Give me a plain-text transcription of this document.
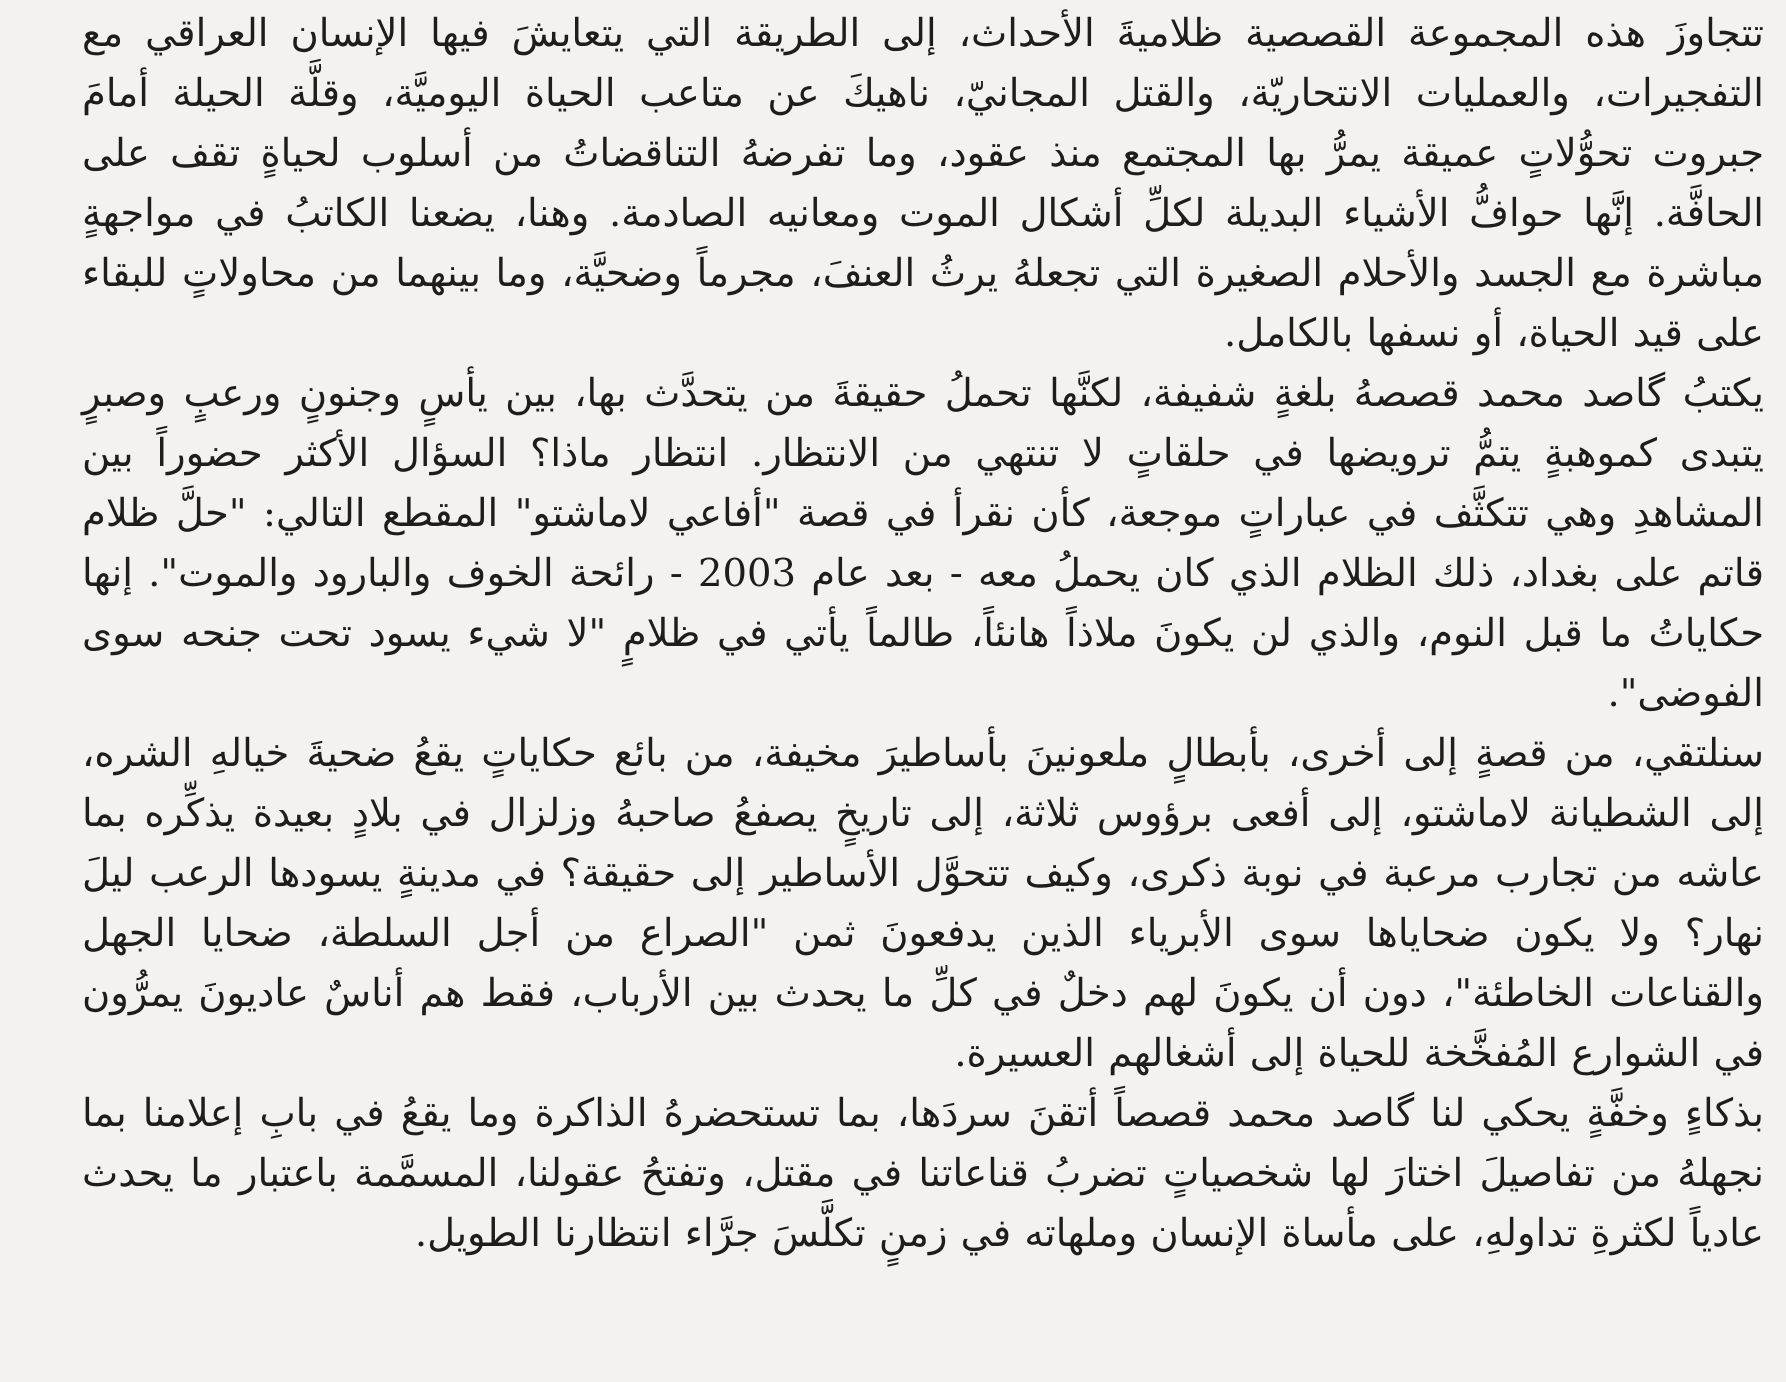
تتجاوزَ هذه المجموعة القصصية ظلاميةَ الأحداث، إلى الطريقة التي يتعايشَ فيها الإنسان العراقي مع التفجيرات، والعمليات الانتحاريّة، والقتل المجانيّ، ناهيكَ عن متاعب الحياة اليوميَّة، وقلَّة الحيلة أمامَ جبروت تحوُّلاتٍ عميقة يمرُّ بها المجتمع منذ عقود، وما تفرضهُ التناقضاتُ من أسلوب لحياةٍ تقف على الحافَّة. إنَّها حوافُّ الأشياء البديلة لكلِّ أشكال الموت ومعانيه الصادمة. وهنا، يضعنا الكاتبُ في مواجهةٍ مباشرة مع الجسد والأحلام الصغيرة التي تجعلهُ يرثُ العنفَ، مجرماً وضحيَّة، وما بينهما من محاولاتٍ للبقاء على قيد الحياة، أو نسفها بالكامل.

يكتبُ گاصد محمد قصصهُ بلغةٍ شفيفة، لكنَّها تحملُ حقيقةَ من يتحدَّث بها، بين يأسٍ وجنونٍ ورعبٍ وصبرٍ يتبدى كموهبةٍ يتمُّ ترويضها في حلقاتٍ لا تنتهي من الانتظار. انتظار ماذا؟ السؤال الأكثر حضوراً بين المشاهدِ وهي تتكثَّف في عباراتٍ موجعة، كأن نقرأ في قصة "أفاعي لاماشتو" المقطع التالي: "حلَّ ظلام قاتم على بغداد، ذلك الظلام الذي كان يحملُ معه - بعد عام 2003 - رائحة الخوف والبارود والموت". إنها حكاياتُ ما قبل النوم، والذي لن يكونَ ملاذاً هانئاً، طالماً يأتي في ظلامٍ "لا شيء يسود تحت جنحه سوى الفوضى".

سنلتقي، من قصةٍ إلى أخرى، بأبطالٍ ملعونينَ بأساطيرَ مخيفة، من بائع حكاياتٍ يقعُ ضحيةَ خيالهِ الشره، إلى الشطيانة لاماشتو، إلى أفعى برؤوس ثلاثة، إلى تاريخٍ يصفعُ صاحبهُ وزلزال في بلادٍ بعيدة يذكِّره بما عاشه من تجارب مرعبة في نوبة ذكرى، وكيف تتحوَّل الأساطير إلى حقيقة؟ في مدينةٍ يسودها الرعب ليلَ نهار؟ ولا يكون ضحاياها سوى الأبرياء الذين يدفعونَ ثمن "الصراع من أجل السلطة، ضحايا الجهل والقناعات الخاطئة"، دون أن يكونَ لهم دخلٌ في كلِّ ما يحدث بين الأرباب، فقط هم أناسٌ عاديونَ يمرُّون في الشوارع المُفخَّخة للحياة إلى أشغالهم العسيرة.

بذكاءٍ وخفَّةٍ يحكي لنا گاصد محمد قصصاً أتقنَ سردَها، بما تستحضرهُ الذاكرة وما يقعُ في بابِ إعلامنا بما نجهلهُ من تفاصيلَ اختارَ لها شخصياتٍ تضربُ قناعاتنا في مقتل، وتفتحُ عقولنا، المسمَّمة باعتبار ما يحدث عادياً لكثرةِ تداولهِ، على مأساة الإنسان وملهاته في زمنٍ تكلَّسَ جرَّاء انتظارنا الطويل.
